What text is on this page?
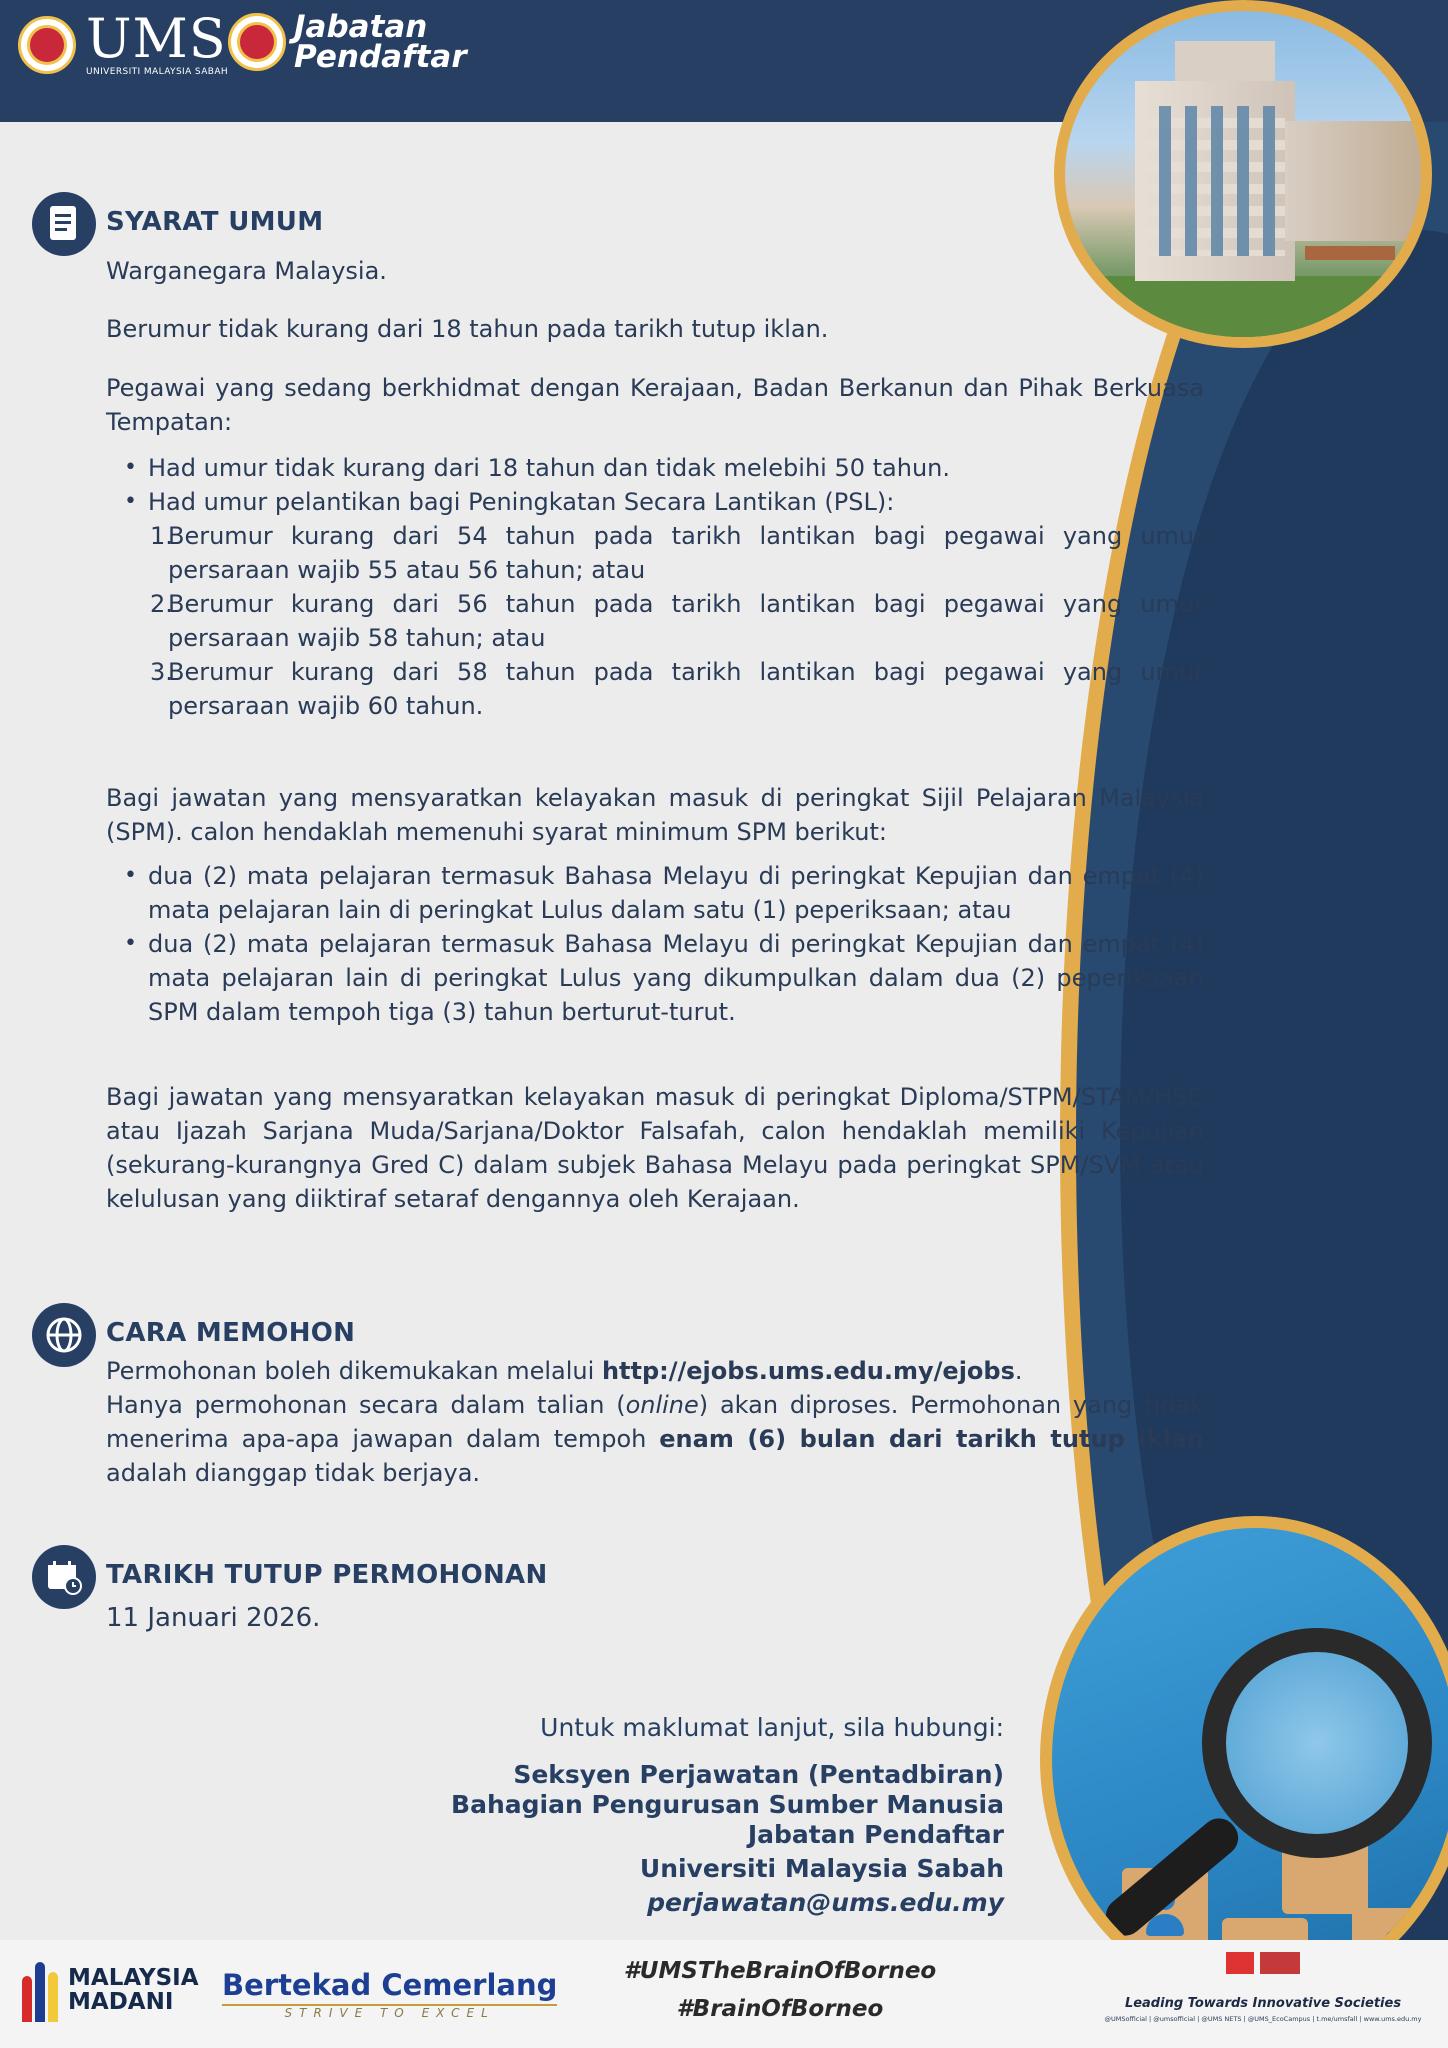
UMS
UNIVERSITI MALAYSIA SABAH
Jabatan
Pendaftar
SYARAT UMUM
Warganegara Malaysia.
Berumur tidak kurang dari 18 tahun pada tarikh tutup iklan.
Pegawai yang sedang berkhidmat dengan Kerajaan, Badan Berkanun dan Pihak Berkuasa Tempatan:
• Had umur tidak kurang dari 18 tahun dan tidak melebihi 50 tahun.
• Had umur pelantikan bagi Peningkatan Secara Lantikan (PSL):
1.
Berumur kurang dari 54 tahun pada tarikh lantikan bagi pegawai yang umur persaraan wajib 55 atau 56 tahun; atau
2.
Berumur kurang dari 56 tahun pada tarikh lantikan bagi pegawai yang umur persaraan wajib 58 tahun; atau
3.
Berumur kurang dari 58 tahun pada tarikh lantikan bagi pegawai yang umur persaraan wajib 60 tahun.
Bagi jawatan yang mensyaratkan kelayakan masuk di peringkat Sijil Pelajaran Malaysia (SPM). calon hendaklah memenuhi syarat minimum SPM berikut:
• dua (2) mata pelajaran termasuk Bahasa Melayu di peringkat Kepujian dan empat (4) mata pelajaran lain di peringkat Lulus dalam satu (1) peperiksaan; atau
• dua (2) mata pelajaran termasuk Bahasa Melayu di peringkat Kepujian dan empat (4) mata pelajaran lain di peringkat Lulus yang dikumpulkan dalam dua (2) peperiksaan SPM dalam tempoh tiga (3) tahun berturut-turut.
Bagi jawatan yang mensyaratkan kelayakan masuk di peringkat Diploma/STPM/STAM/HSC atau Ijazah Sarjana Muda/Sarjana/Doktor Falsafah, calon hendaklah memiliki Kepujian (sekurang-kurangnya Gred C) dalam subjek Bahasa Melayu pada peringkat SPM/SVM atau kelulusan yang diiktiraf setaraf dengannya oleh Kerajaan.
CARA MEMOHON
Permohonan boleh dikemukakan melalui http://ejobs.ums.edu.my/ejobs.
Hanya permohonan secara dalam talian (online) akan diproses. Permohonan yang tidak menerima apa-apa jawapan dalam tempoh enam (6) bulan dari tarikh tutup iklan adalah dianggap tidak berjaya.
TARIKH TUTUP PERMOHONAN
11 Januari 2026.
Untuk maklumat lanjut, sila hubungi:
Seksyen Perjawatan (Pentadbiran)
Bahagian Pengurusan Sumber Manusia
Jabatan Pendaftar
Universiti Malaysia Sabah
perjawatan@ums.edu.my
MALAYSIA
MADANI	Bertekad Cemerlang
STRIVE TO EXCEL
#UMSTheBrainOfBorneo
#BrainOfBorneo	Leading Towards Innovative Societies
@UMSofficial | @umsofficial | @UMS NETS | @UMS_EcoCampus | t.me/umsfall | www.ums.edu.my
